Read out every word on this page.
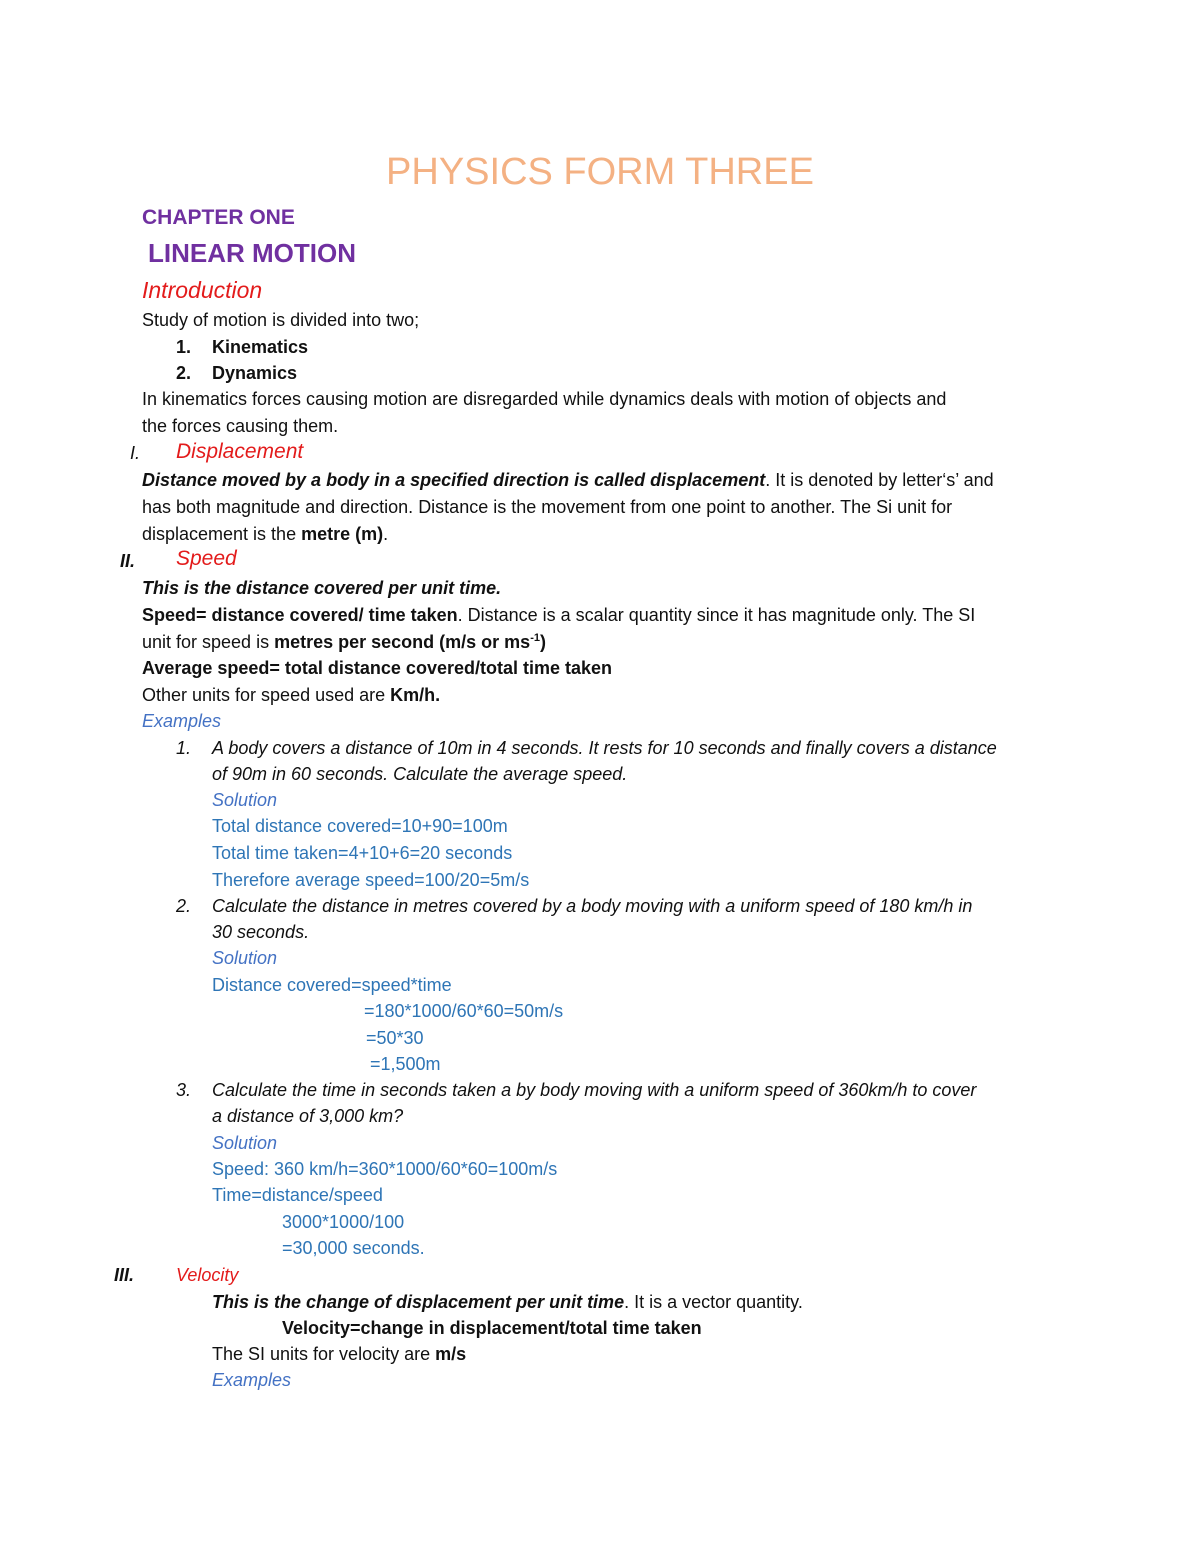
PHYSICS FORM THREE
CHAPTER ONE
LINEAR MOTION
Introduction
Study of motion is divided into two;
1. Kinematics
2. Dynamics
In kinematics forces causing motion are disregarded while dynamics deals with motion of objects and
the forces causing them.
I. Displacement
Distance moved by a body in a specified direction is called displacement. It is denoted by letter‘s’ and
has both magnitude and direction. Distance is the movement from one point to another. The Si unit for
displacement is the metre (m).
II. Speed
This is the distance covered per unit time.
Speed= distance covered/ time taken. Distance is a scalar quantity since it has magnitude only. The SI
unit for speed is metres per second (m/s or $ms^{-1}$)
Average speed= total distance covered/total time taken
Other units for speed used are Km/h.
Examples
1. A body covers a distance of 10m in 4 seconds. It rests for 10 seconds and finally covers a distance
of 90m in 60 seconds. Calculate the average speed.
Solution
Total distance covered=10+90=100m
Total time taken=4+10+6=20 seconds
Therefore average speed=100/20=5m/s
2. Calculate the distance in metres covered by a body moving with a uniform speed of 180 km/h in
30 seconds.
Solution
Distance covered=speed*time
=180*1000/60*60=50m/s
=50*30
=1,500m
3. Calculate the time in seconds taken a by body moving with a uniform speed of 360km/h to cover
a distance of 3,000 km?
Solution
Speed: 360 km/h=360*1000/60*60=100m/s
Time=distance/speed
3000*1000/100
=30,000 seconds.
III. Velocity
This is the change of displacement per unit time. It is a vector quantity.
Velocity=change in displacement/total time taken
The SI units for velocity are m/s
Examples
